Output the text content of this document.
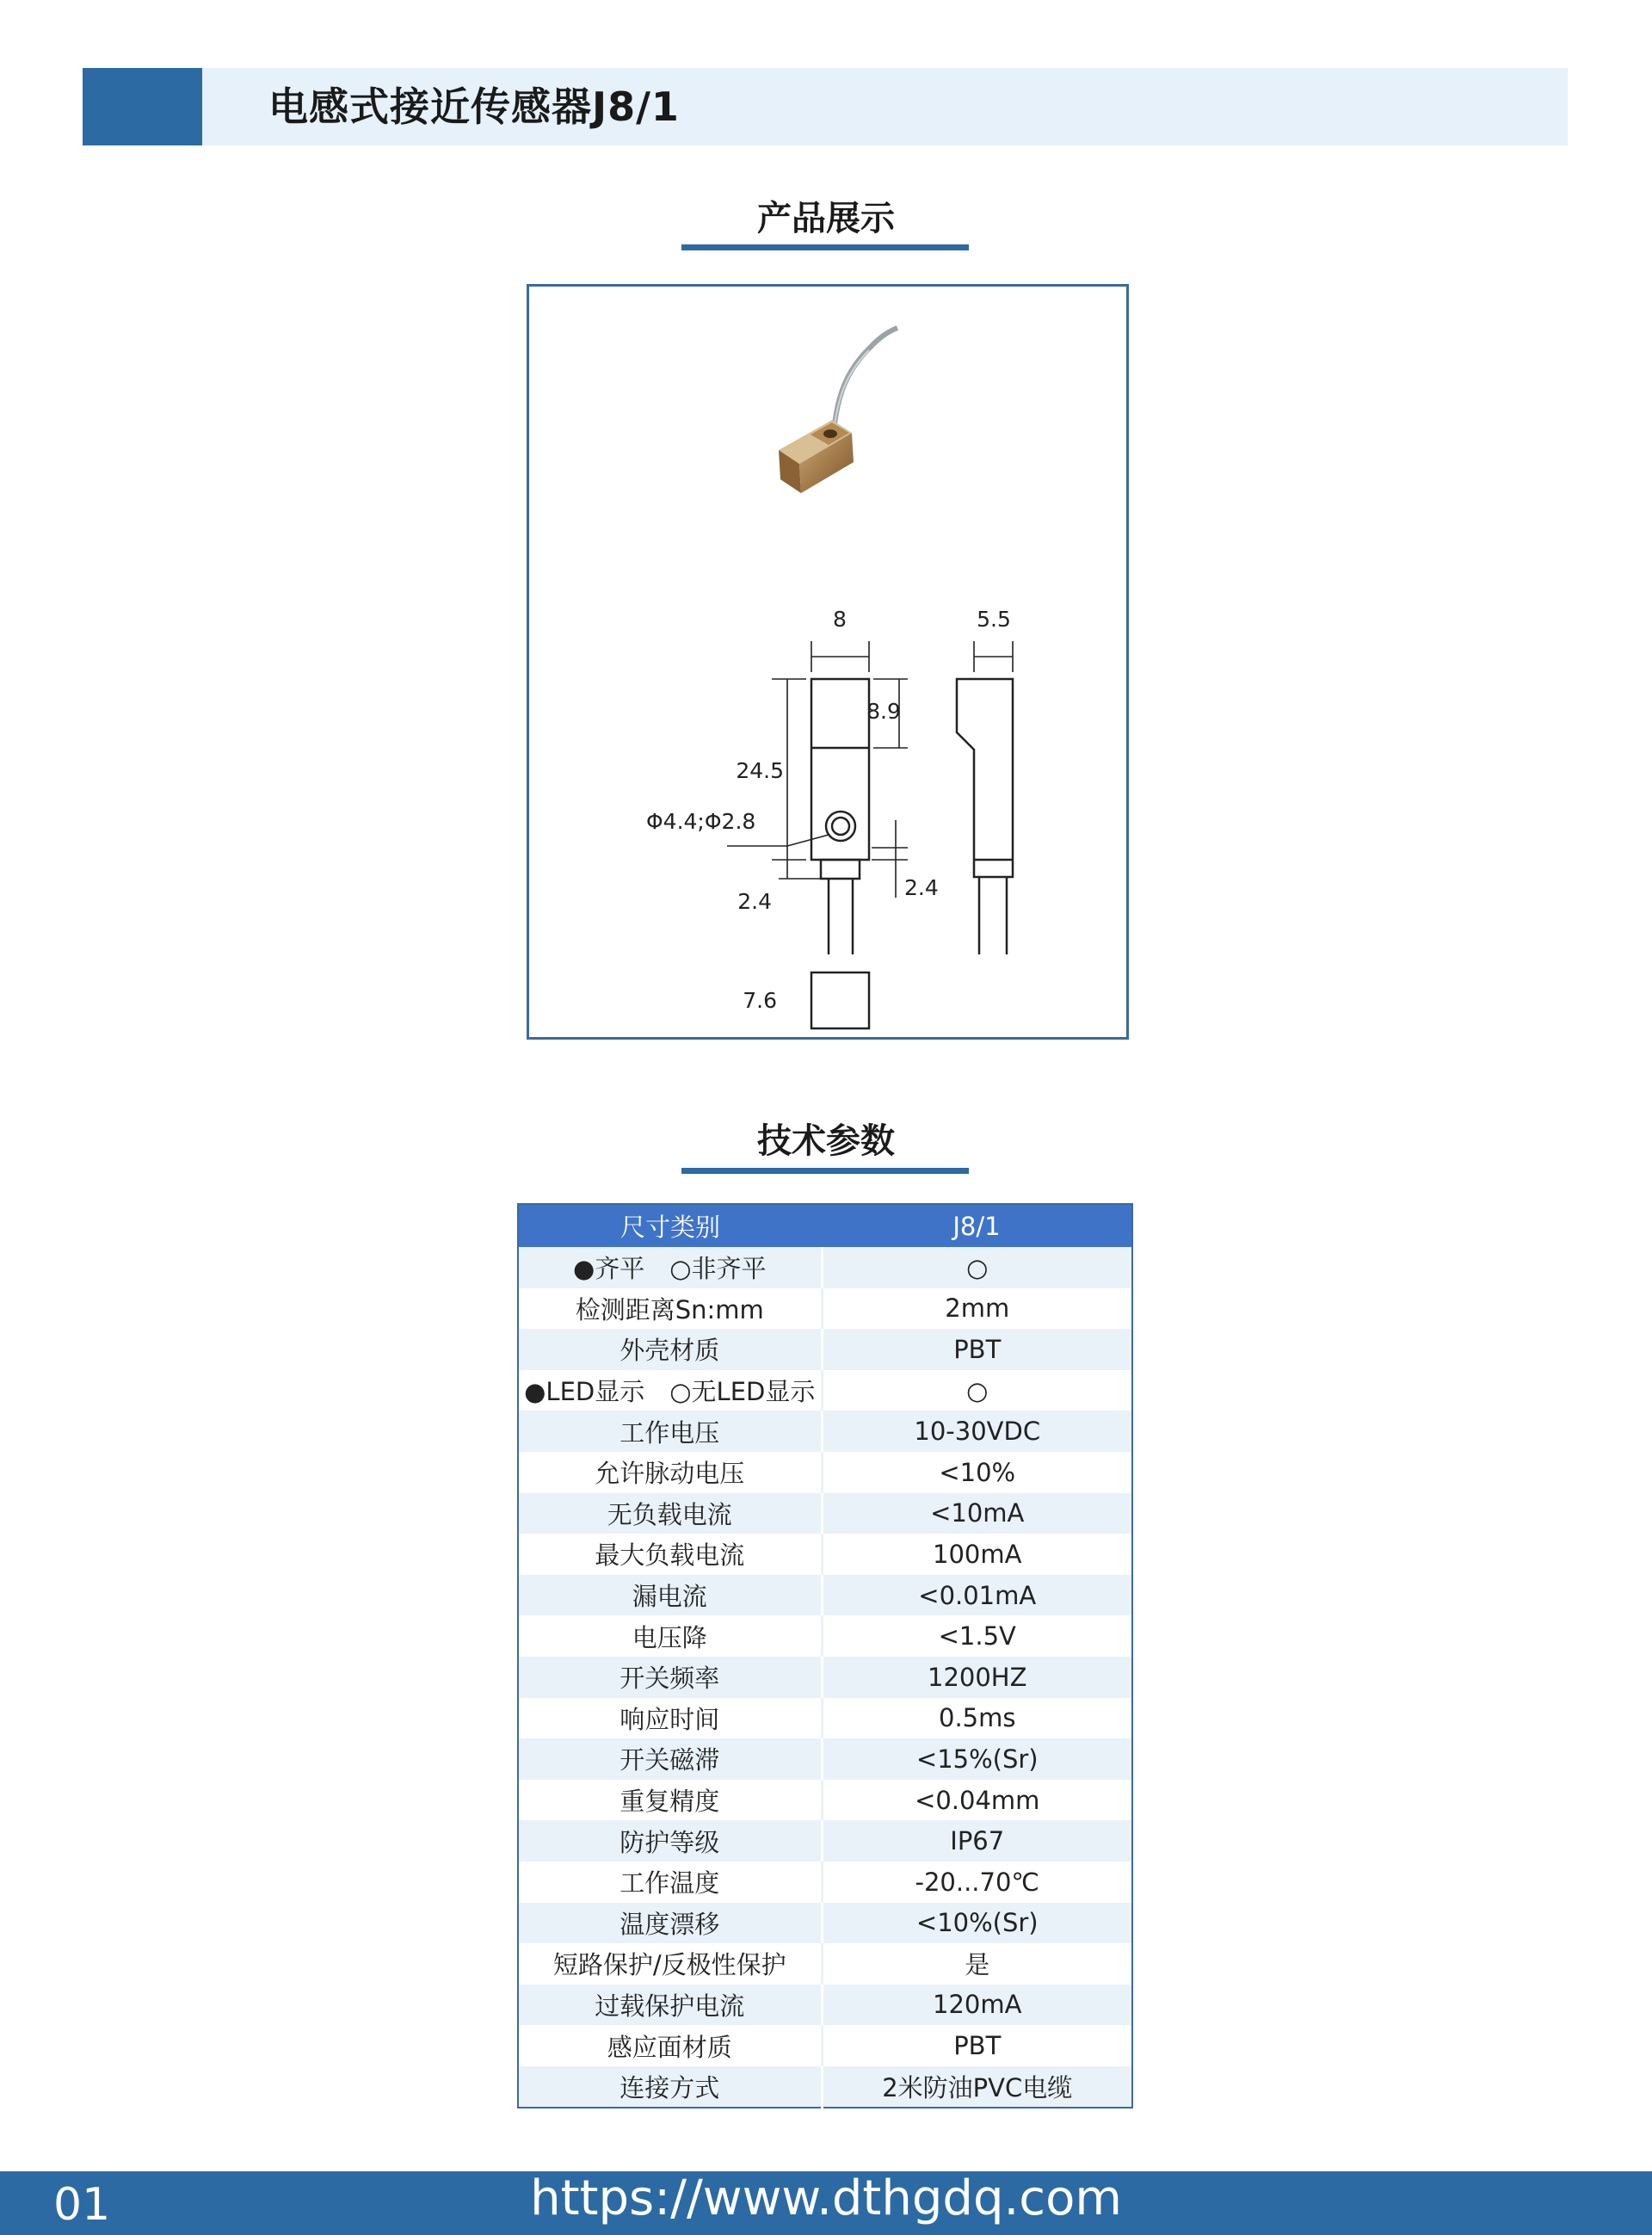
电感式接近传感器J8/1
产品展示
8	5.5
8.9
24.5
Φ4.4;Φ2.8
2.4
2.4
7.6
技术参数
尺寸类别	J8/1
●齐平　○非齐平	○
检测距离Sn:mm	2mm
外壳材质	PBT
●LED显示　○无LED显示	○
工作电压	10-30VDC
允许脉动电压	<10%
无负载电流	<10mA
最大负载电流	100mA
漏电流	<0.01mA
电压降	<1.5V
开关频率	1200HZ
响应时间	0.5ms
开关磁滞	<15%(Sr)
重复精度	<0.04mm
防护等级	IP67
工作温度	-20...70℃
温度漂移	<10%(Sr)
短路保护/反极性保护	是
过载保护电流	120mA
感应面材质	PBT
连接方式	2米防油PVC电缆
01	https://www.dthgdq.com
